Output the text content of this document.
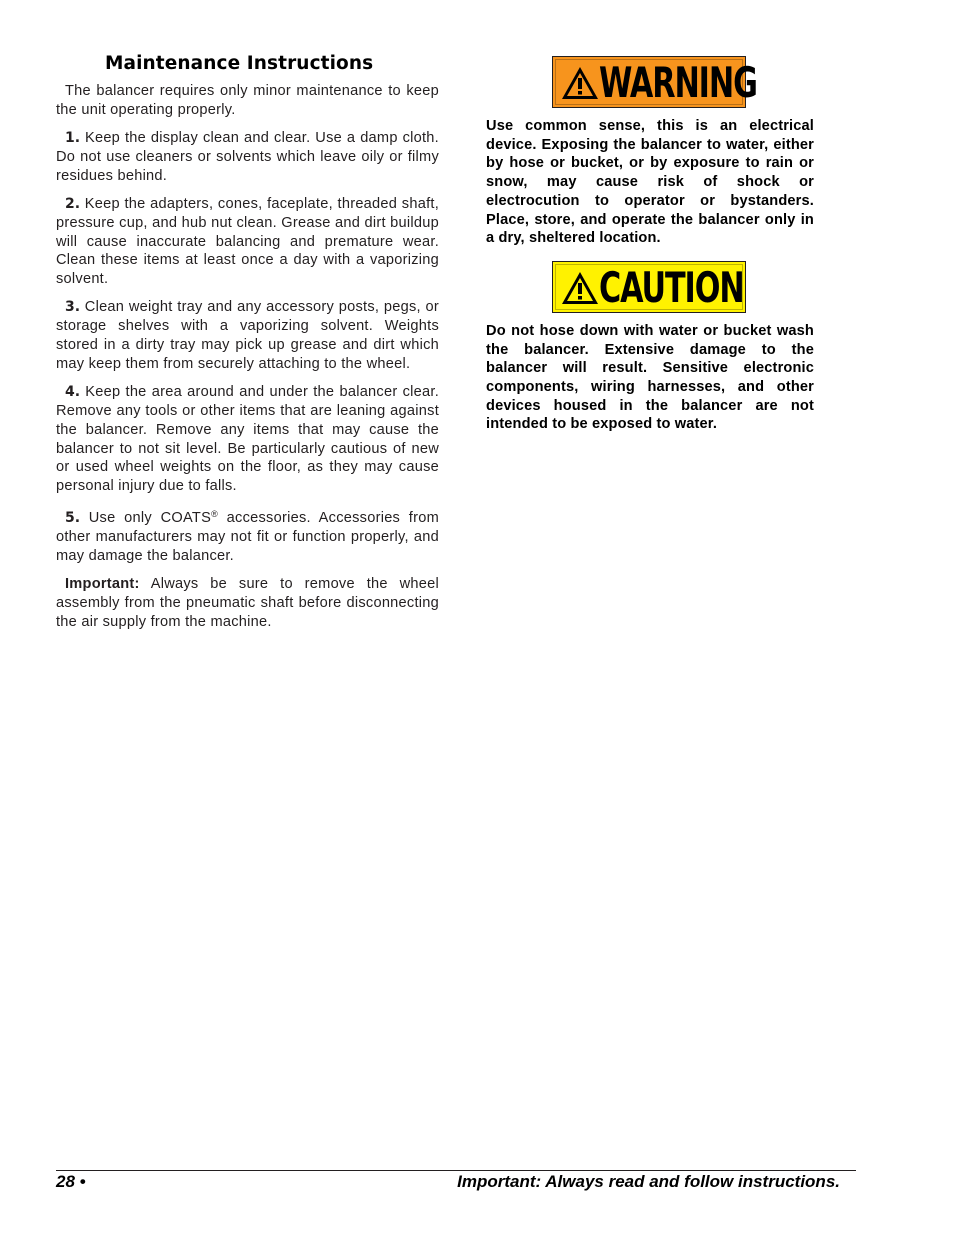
Maintenance Instructions

The balancer requires only minor maintenance to keep the unit operating properly.

1. Keep the display clean and clear. Use a damp cloth. Do not use cleaners or solvents which leave oily or filmy residues behind.

2. Keep the adapters, cones, faceplate, threaded shaft, pressure cup, and hub nut clean. Grease and dirt buildup will cause inaccurate balancing and premature wear. Clean these items at least once a day with a vaporizing solvent.

3. Clean weight tray and any accessory posts, pegs, or storage shelves with a vaporizing solvent. Weights stored in a dirty tray may pick up grease and dirt which may keep them from securely attaching to the wheel.

4. Keep the area around and under the balancer clear. Remove any tools or other items that are leaning against the balancer. Remove any items that may cause the balancer to not sit level. Be particularly cautious of new or used wheel weights on the floor, as they may cause personal injury due to falls.

5. Use only COATS® accessories. Accessories from other manufacturers may not fit or function properly, and may damage the balancer.

Important: Always be sure to remove the wheel assembly from the pneumatic shaft before disconnecting the air supply from the machine.

WARNING

Use common sense, this is an electrical device. Exposing the balancer to water, either by hose or bucket, or by exposure to rain or snow, may cause risk of shock or electrocution to operator or bystanders. Place, store, and operate the balancer only in a dry, sheltered location.

CAUTION

Do not hose down with water or bucket wash the balancer. Extensive damage to the balancer will result. Sensitive electronic components, wiring harnesses, and other devices housed in the balancer are not intended to be exposed to water.

28 •	Important: Always read and follow instructions.
